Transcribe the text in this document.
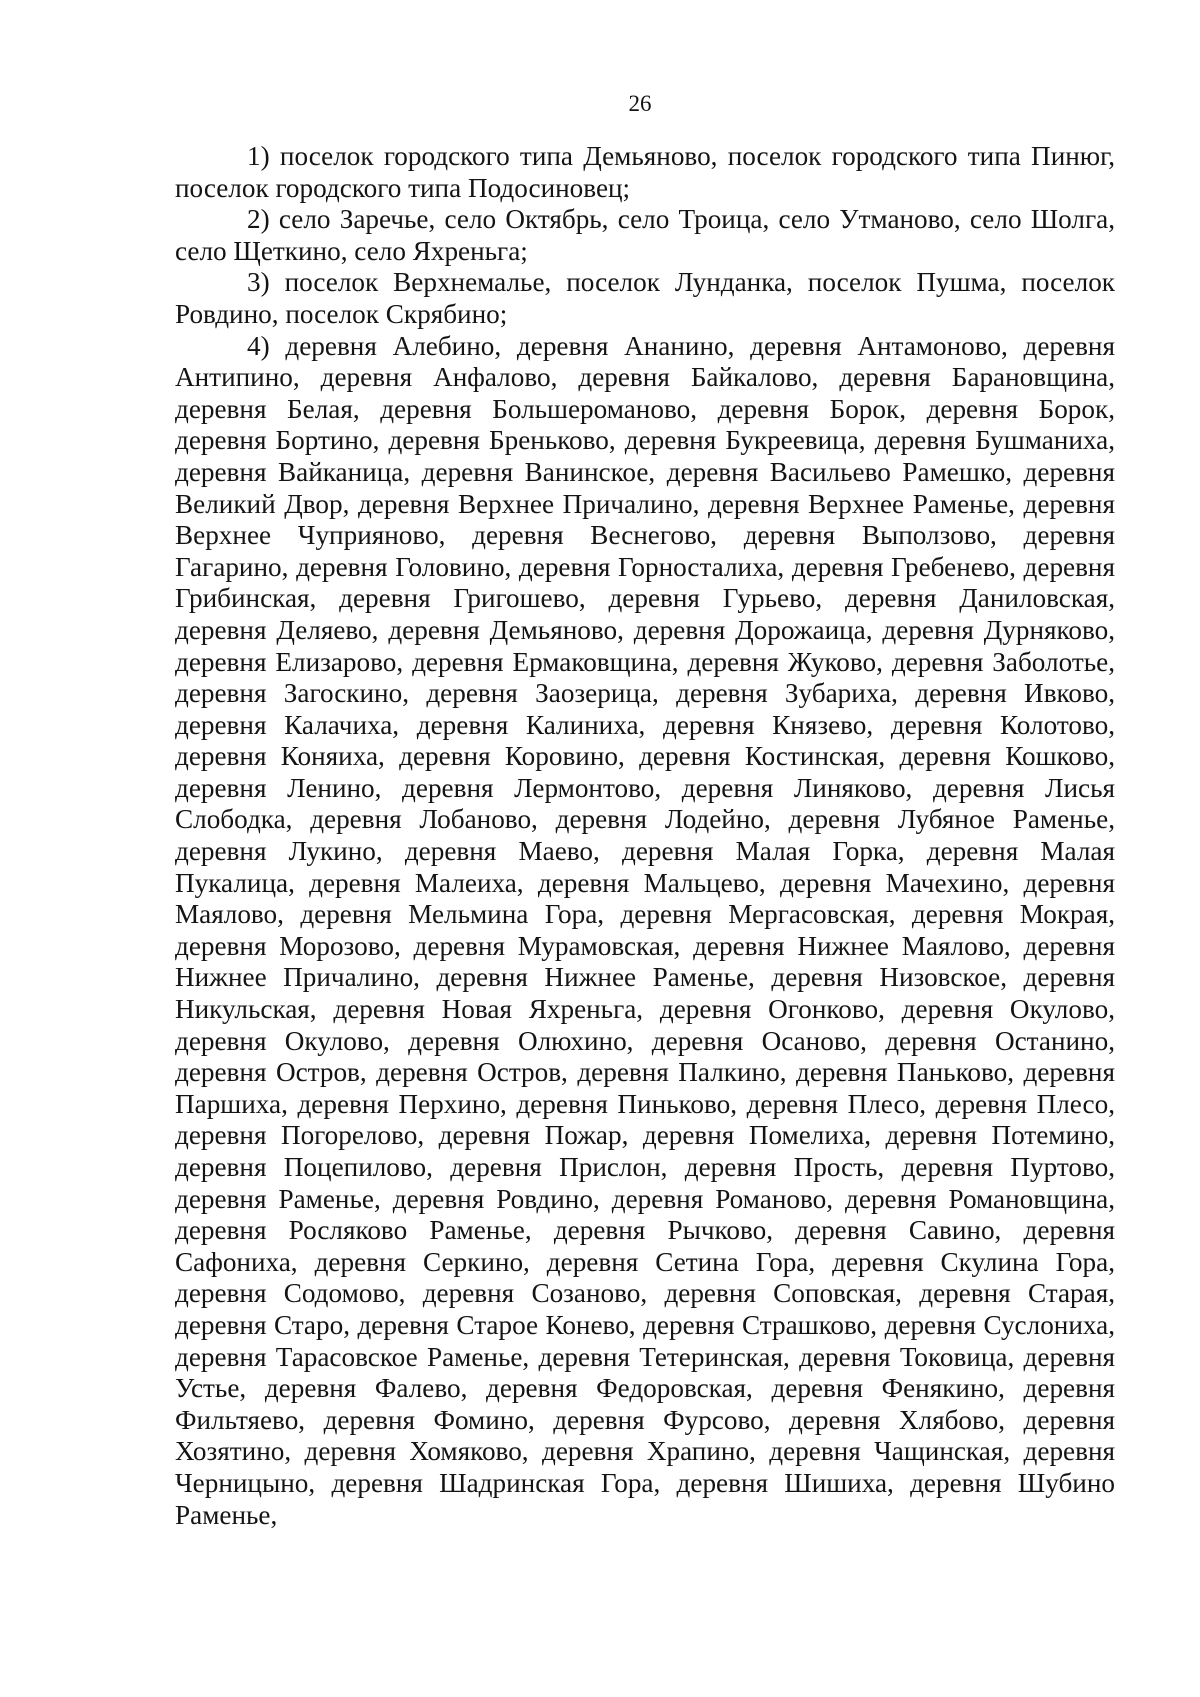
26

1) поселок городского типа Демьяново, поселок городского типа Пинюг, поселок городского типа Подосиновец;

2) село Заречье, село Октябрь, село Троица, село Утманово, село Шолга, село Щеткино, село Яхреньга;

3) поселок Верхнемалье, поселок Лунданка, поселок Пушма, поселок Ровдино, поселок Скрябино;

4) деревня Алебино, деревня Ананино, деревня Антамоново, деревня Антипино, деревня Анфалово, деревня Байкалово, деревня Барановщина, деревня Белая, деревня Большероманово, деревня Борок, деревня Борок, деревня Бортино, деревня Бреньково, деревня Букреевица, деревня Бушманиха, деревня Вайканица, деревня Ванинское, деревня Васильево Рамешко, деревня Великий Двор, деревня Верхнее Причалино, деревня Верхнее Раменье, деревня Верхнее Чуприяново, деревня Веснегово, деревня Выползово, деревня Гагарино, деревня Головино, деревня Горносталиха, деревня Гребенево, деревня Грибинская, деревня Григошево, деревня Гурьево, деревня Даниловская, деревня Деляево, деревня Демьяново, деревня Дорожаица, деревня Дурняково, деревня Елизарово, деревня Ермаковщина, деревня Жуково, деревня Заболотье, деревня Загоскино, деревня Заозерица, деревня Зубариха, деревня Ивково, деревня Калачиха, деревня Калиниха, деревня Князево, деревня Колотово, деревня Коняиха, деревня Коровино, деревня Костинская, деревня Кошково, деревня Ленино, деревня Лермонтово, деревня Линяково, деревня Лисья Слободка, деревня Лобаново, деревня Лодейно, деревня Лубяное Раменье, деревня Лукино, деревня Маево, деревня Малая Горка, деревня Малая Пукалица, деревня Малеиха, деревня Мальцево, деревня Мачехино, деревня Маялово, деревня Мельмина Гора, деревня Мергасовская, деревня Мокрая, деревня Морозово, деревня Мурамовская, деревня Нижнее Маялово, деревня Нижнее Причалино, деревня Нижнее Раменье, деревня Низовское, деревня Никульская, деревня Новая Яхреньга, деревня Огонково, деревня Окулово, деревня Окулово, деревня Олюхино, деревня Осаново, деревня Останино, деревня Остров, деревня Остров, деревня Палкино, деревня Паньково, деревня Паршиха, деревня Перхино, деревня Пиньково, деревня Плесо, деревня Плесо, деревня Погорелово, деревня Пожар, деревня Помелиха, деревня Потемино, деревня Поцепилово, деревня Прислон, деревня Прость, деревня Пуртово, деревня Раменье, деревня Ровдино, деревня Романово, деревня Романовщина, деревня Росляково Раменье, деревня Рычково, деревня Савино, деревня Сафониха, деревня Серкино, деревня Сетина Гора, деревня Скулина Гора, деревня Содомово, деревня Созаново, деревня Соповская, деревня Старая, деревня Старо, деревня Старое Конево, деревня Страшково, деревня Суслониха, деревня Тарасовское Раменье, деревня Тетеринская, деревня Токовица, деревня Устье, деревня Фалево, деревня Федоровская, деревня Фенякино, деревня Фильтяево, деревня Фомино, деревня Фурсово, деревня Хлябово, деревня Хозятино, деревня Хомяково, деревня Храпино, деревня Чащинская, деревня Черницыно, деревня Шадринская Гора, деревня Шишиха, деревня Шубино Раменье,
